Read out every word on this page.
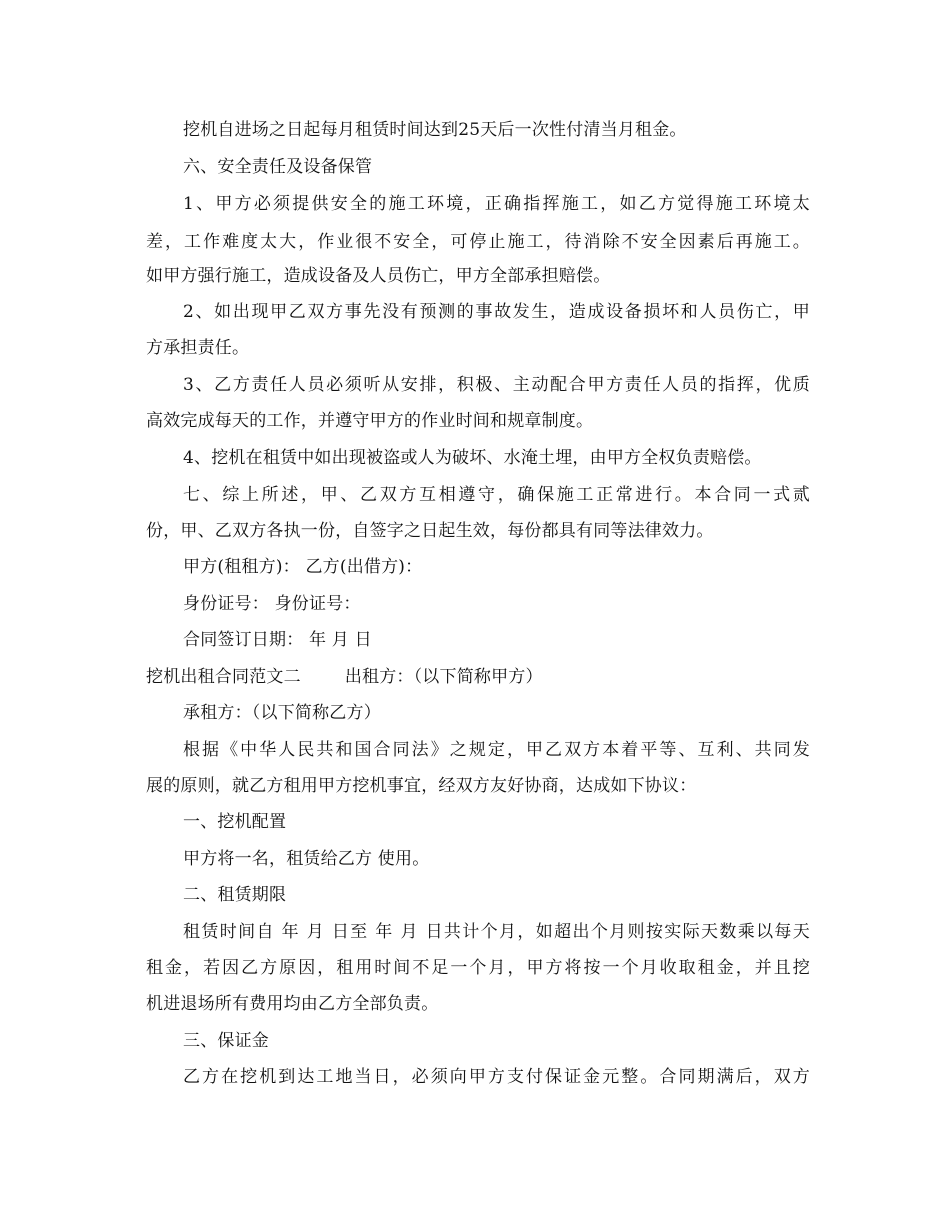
挖机自进场之日起每月租赁时间达到25天后一次性付清当月租金。
六、安全责任及设备保管
1、甲方必须提供安全的施工环境，正确指挥施工，如乙方觉得施工环境太
差，工作难度太大，作业很不安全，可停止施工，待消除不安全因素后再施工。
如甲方强行施工，造成设备及人员伤亡，甲方全部承担赔偿。
2、如出现甲乙双方事先没有预测的事故发生，造成设备损坏和人员伤亡，甲
方承担责任。
3、乙方责任人员必须听从安排，积极、主动配合甲方责任人员的指挥，优质
高效完成每天的工作，并遵守甲方的作业时间和规章制度。
4、挖机在租赁中如出现被盗或人为破坏、水淹土埋，由甲方全权负责赔偿。
七、综上所述，甲、乙双方互相遵守，确保施工正常进行。本合同一式贰
份，甲、乙双方各执一份，自签字之日起生效，每份都具有同等法律效力。
甲方(租租方)： 乙方(出借方)：
身份证号： 身份证号：
合同签订日期： 年 月 日
挖机出租合同范文二	出租方：（以下简称甲方）
承租方：（以下简称乙方）
根据《中华人民共和国合同法》之规定，甲乙双方本着平等、互利、共同发
展的原则，就乙方租用甲方挖机事宜，经双方友好协商，达成如下协议：
一、挖机配置
甲方将一名，租赁给乙方 使用。
二、租赁期限
租赁时间自 年 月 日至 年 月 日共计个月，如超出个月则按实际天数乘以每天
租金，若因乙方原因，租用时间不足一个月，甲方将按一个月收取租金，并且挖
机进退场所有费用均由乙方全部负责。
三、保证金
乙方在挖机到达工地当日，必须向甲方支付保证金元整。合同期满后，双方
